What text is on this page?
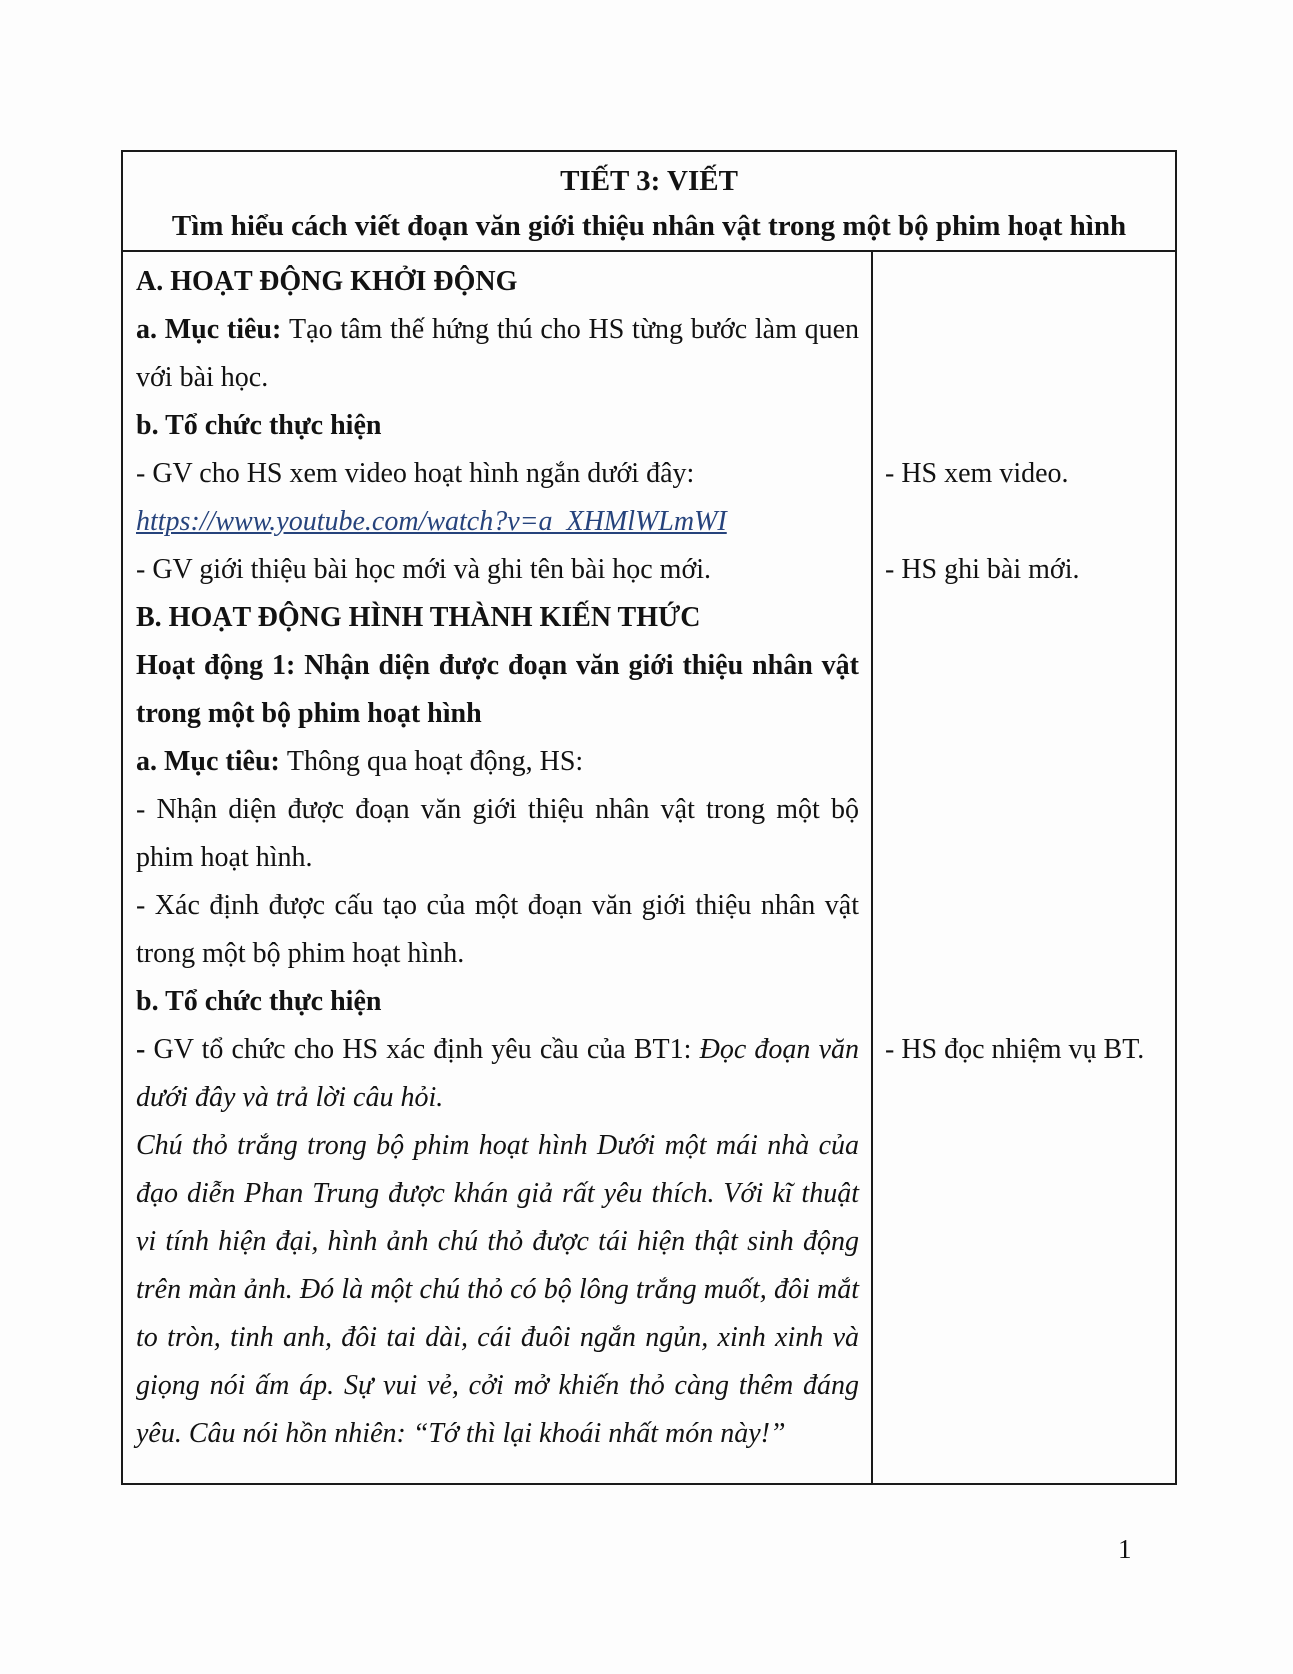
TIẾT 3: VIẾT
Tìm hiểu cách viết đoạn văn giới thiệu nhân vật trong một bộ phim hoạt hình

A. HOẠT ĐỘNG KHỞI ĐỘNG

a. Mục tiêu: Tạo tâm thế hứng thú cho HS từng bước làm quen với bài học.

b. Tổ chức thực hiện

- GV cho HS xem video hoạt hình ngắn dưới đây:

https://www.youtube.com/watch?v=a_XHMlWLmWI

- GV giới thiệu bài học mới và ghi tên bài học mới.

B. HOẠT ĐỘNG HÌNH THÀNH KIẾN THỨC

Hoạt động 1: Nhận diện được đoạn văn giới thiệu nhân vật trong một bộ phim hoạt hình

a. Mục tiêu: Thông qua hoạt động, HS:

- Nhận diện được đoạn văn giới thiệu nhân vật trong một bộ phim hoạt hình.

- Xác định được cấu tạo của một đoạn văn giới thiệu nhân vật trong một bộ phim hoạt hình.

b. Tổ chức thực hiện

- GV tổ chức cho HS xác định yêu cầu của BT1: Đọc đoạn văn dưới đây và trả lời câu hỏi.

Chú thỏ trắng trong bộ phim hoạt hình Dưới một mái nhà của đạo diễn Phan Trung được khán giả rất yêu thích. Với kĩ thuật vi tính hiện đại, hình ảnh chú thỏ được tái hiện thật sinh động trên màn ảnh. Đó là một chú thỏ có bộ lông trắng muốt, đôi mắt to tròn, tinh anh, đôi tai dài, cái đuôi ngắn ngủn, xinh xinh và giọng nói ấm áp. Sự vui vẻ, cởi mở khiến thỏ càng thêm đáng yêu. Câu nói hồn nhiên: “Tớ thì lại khoái nhất món này!”

- HS xem video.
- HS ghi bài mới.
- HS đọc nhiệm vụ BT.
1
